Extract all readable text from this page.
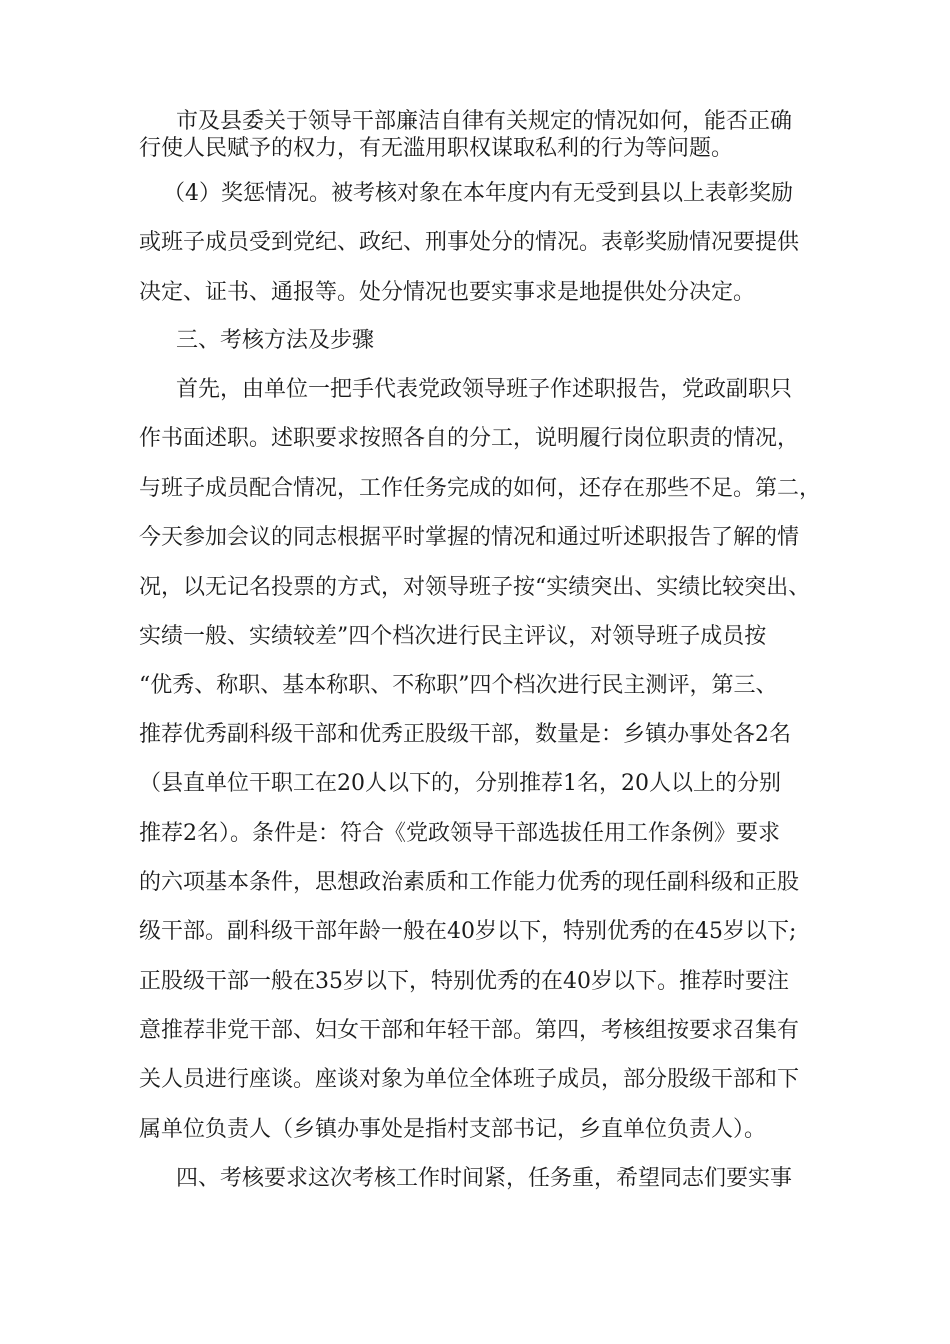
市及县委关于领导干部廉洁自律有关规定的情况如何，能否正确
行使人民赋予的权力，有无滥用职权谋取私利的行为等问题。
（4）奖惩情况。被考核对象在本年度内有无受到县以上表彰奖励
或班子成员受到党纪、政纪、刑事处分的情况。表彰奖励情况要提供
决定、证书、通报等。处分情况也要实事求是地提供处分决定。
三、考核方法及步骤
首先，由单位一把手代表党政领导班子作述职报告，党政副职只
作书面述职。述职要求按照各自的分工，说明履行岗位职责的情况，
与班子成员配合情况，工作任务完成的如何，还存在那些不足。第二，
今天参加会议的同志根据平时掌握的情况和通过听述职报告了解的情
况，以无记名投票的方式，对领导班子按“实绩突出、实绩比较突出、
实绩一般、实绩较差”四个档次进行民主评议，对领导班子成员按
“优秀、称职、基本称职、不称职”四个档次进行民主测评，第三、
推荐优秀副科级干部和优秀正股级干部，数量是：乡镇办事处各2名
（县直单位干职工在20人以下的，分别推荐1名，20人以上的分别
推荐2名）。条件是：符合《党政领导干部选拔任用工作条例》要求
的六项基本条件，思想政治素质和工作能力优秀的现任副科级和正股
级干部。副科级干部年龄一般在40岁以下，特别优秀的在45岁以下;
正股级干部一般在35岁以下，特别优秀的在40岁以下。推荐时要注
意推荐非党干部、妇女干部和年轻干部。第四，考核组按要求召集有
关人员进行座谈。座谈对象为单位全体班子成员，部分股级干部和下
属单位负责人（乡镇办事处是指村支部书记，乡直单位负责人）。
四、考核要求这次考核工作时间紧，任务重，希望同志们要实事
